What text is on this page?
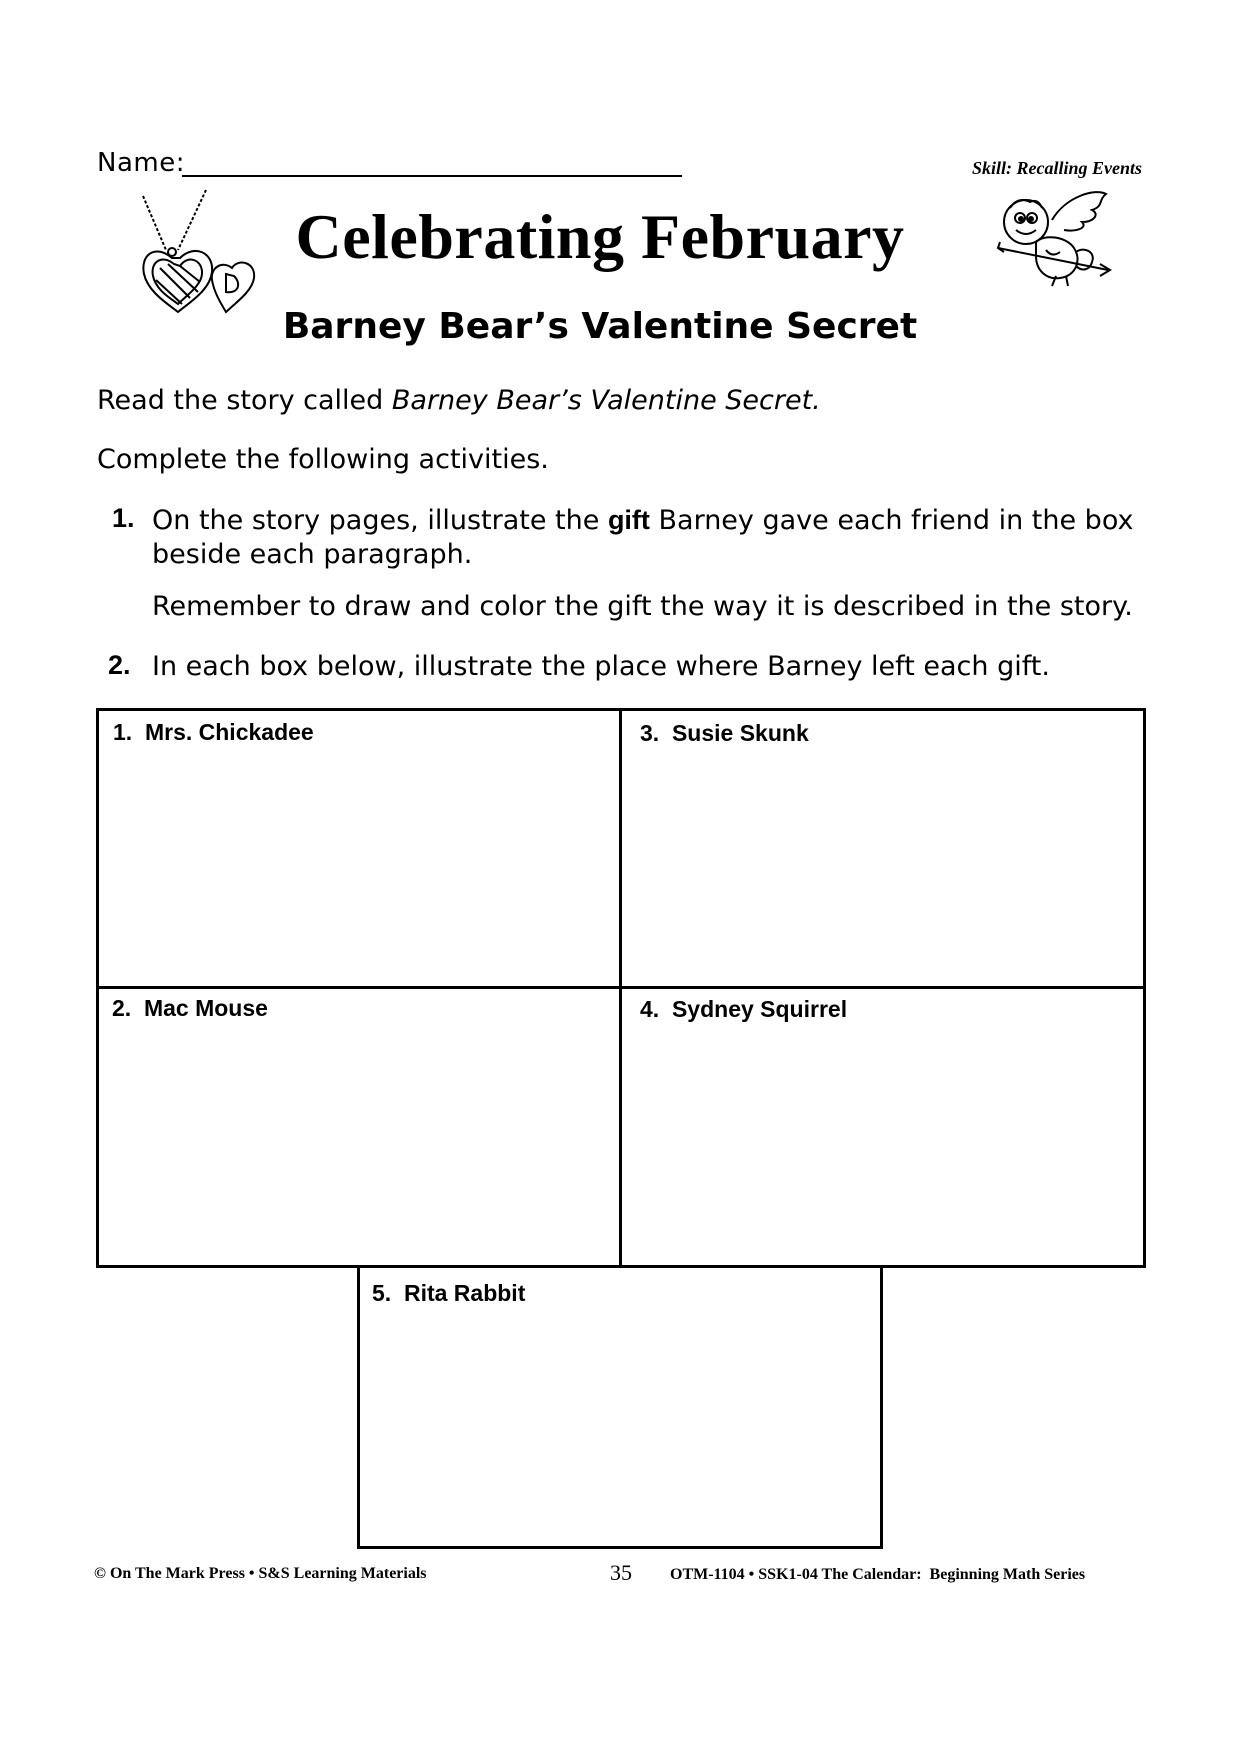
Name:	Skill: Recalling Events
Celebrating February
Barney Bear’s Valentine Secret
Read the story called Barney Bear’s Valentine Secret.
Complete the following activities.
1. On the story pages, illustrate the gift Barney gave each friend in the box beside each paragraph.
Remember to draw and color the gift the way it is described in the story.
2. In each box below, illustrate the place where Barney left each gift.
1.  Mrs. Chickadee	3.  Susie Skunk
2.  Mac Mouse	4.  Sydney Squirrel
5.  Rita Rabbit
© On The Mark Press • S&S Learning Materials	35 OTM-1104 • SSK1-04 The Calendar:  Beginning Math Series
